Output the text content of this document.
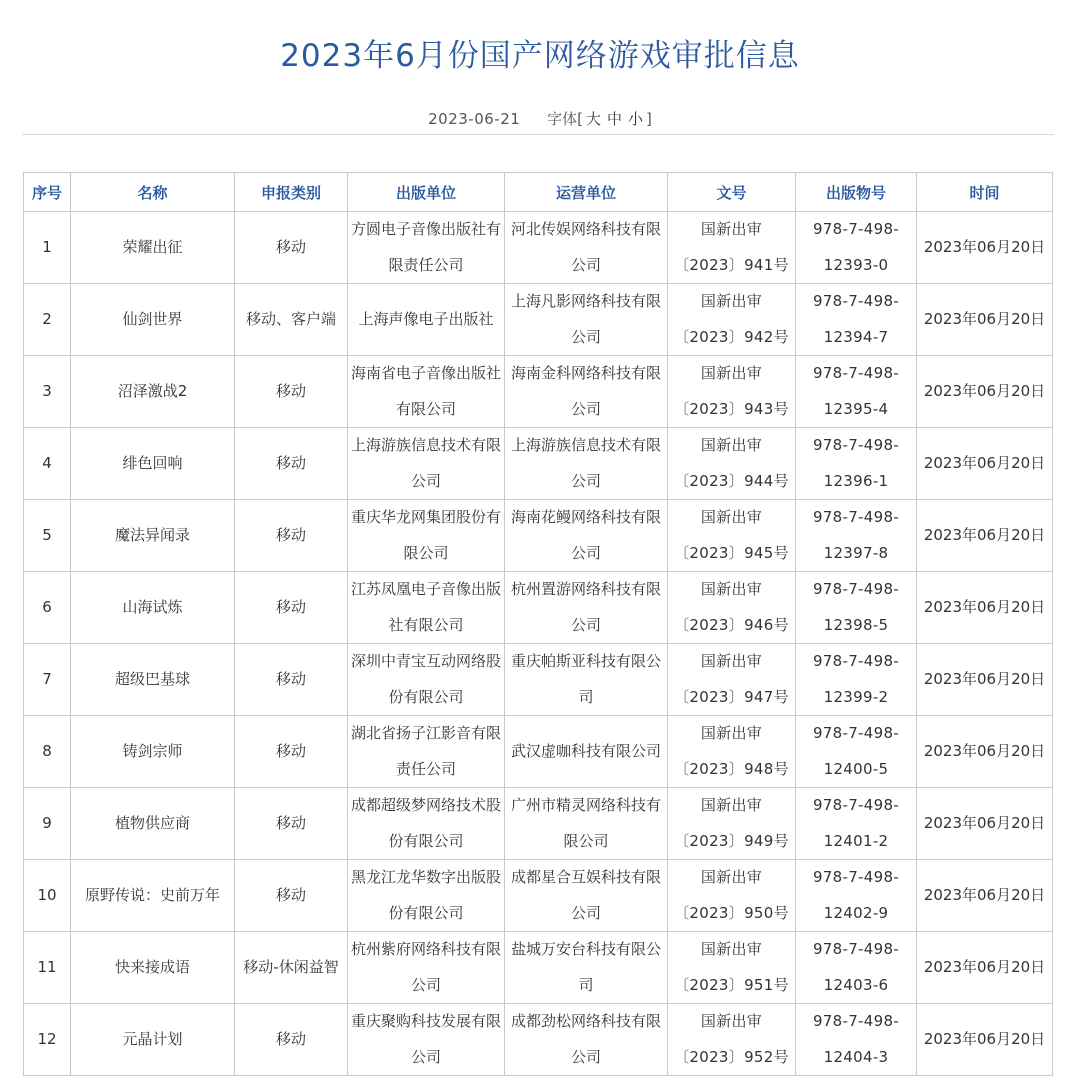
2023年6月份国产网络游戏审批信息
2023-06-21 字体[ 大 中 小 ]
序号	名称	申报类别	出版单位	运营单位	文号	出版物号	时间
1	荣耀出征	移动	方圆电子音像出版社有限责任公司	河北传娱网络科技有限公司	国新出审〔2023〕941号	978-7-498-12393-0	2023年06月20日
2	仙剑世界	移动、客户端	上海声像电子出版社	上海凡影网络科技有限公司	国新出审〔2023〕942号	978-7-498-12394-7	2023年06月20日
3	沼泽激战2	移动	海南省电子音像出版社有限公司	海南金科网络科技有限公司	国新出审〔2023〕943号	978-7-498-12395-4	2023年06月20日
4	绯色回响	移动	上海游族信息技术有限公司	上海游族信息技术有限公司	国新出审〔2023〕944号	978-7-498-12396-1	2023年06月20日
5	魔法异闻录	移动	重庆华龙网集团股份有限公司	海南花鳗网络科技有限公司	国新出审〔2023〕945号	978-7-498-12397-8	2023年06月20日
6	山海试炼	移动	江苏凤凰电子音像出版社有限公司	杭州置游网络科技有限公司	国新出审〔2023〕946号	978-7-498-12398-5	2023年06月20日
7	超级巴基球	移动	深圳中青宝互动网络股份有限公司	重庆帕斯亚科技有限公司	国新出审〔2023〕947号	978-7-498-12399-2	2023年06月20日
8	铸剑宗师	移动	湖北省扬子江影音有限责任公司	武汉虚咖科技有限公司	国新出审〔2023〕948号	978-7-498-12400-5	2023年06月20日
9	植物供应商	移动	成都超级梦网络技术股份有限公司	广州市精灵网络科技有限公司	国新出审〔2023〕949号	978-7-498-12401-2	2023年06月20日
10	原野传说：史前万年	移动	黑龙江龙华数字出版股份有限公司	成都星合互娱科技有限公司	国新出审〔2023〕950号	978-7-498-12402-9	2023年06月20日
11	快来接成语	移动-休闲益智	杭州紫府网络科技有限公司	盐城万安台科技有限公司	国新出审〔2023〕951号	978-7-498-12403-6	2023年06月20日
12	元晶计划	移动	重庆聚购科技发展有限公司	成都劲松网络科技有限公司	国新出审〔2023〕952号	978-7-498-12404-3	2023年06月20日
